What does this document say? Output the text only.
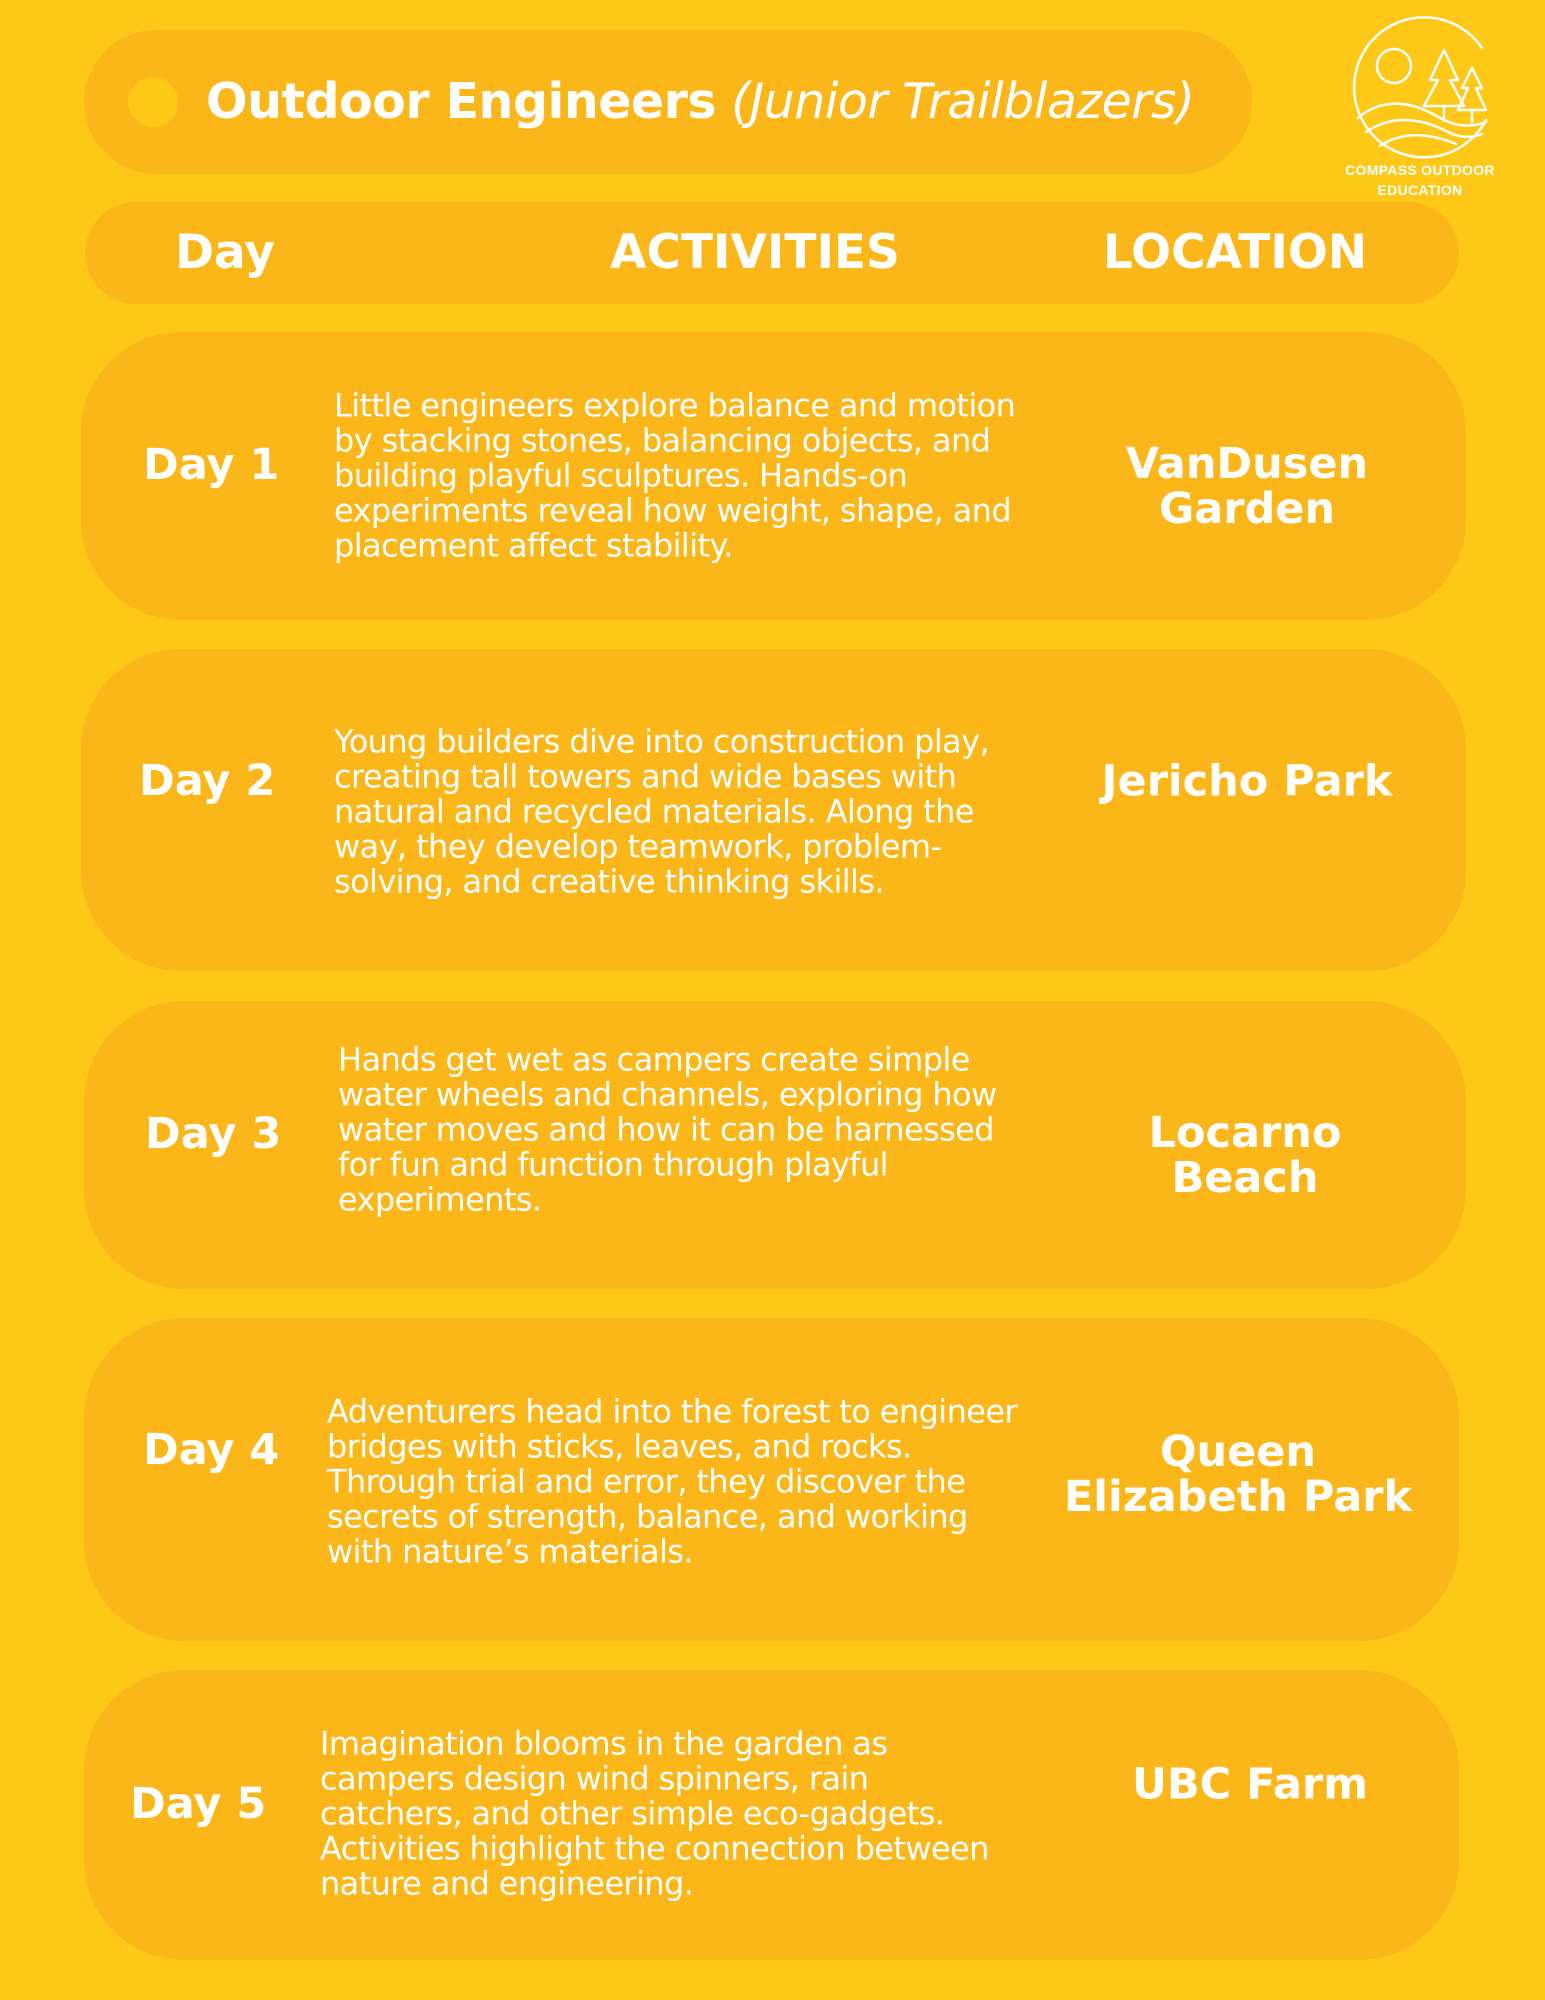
Outdoor Engineers (Junior Trailblazers)
COMPASS OUTDOOR
EDUCATION
Day	ACTIVITIES	LOCATION
Day 1
Little engineers explore balance and motion by stacking stones, balancing objects, and building playful sculptures. Hands-on experiments reveal how weight, shape, and placement affect stability.
VanDusen Garden
Day 2
Young builders dive into construction play, creating tall towers and wide bases with natural and recycled materials. Along the way, they develop teamwork, problem-solving, and creative thinking skills.
Jericho Park
Day 3
Hands get wet as campers create simple water wheels and channels, exploring how water moves and how it can be harnessed for fun and function through playful experiments.
Locarno Beach
Day 4
Adventurers head into the forest to engineer bridges with sticks, leaves, and rocks. Through trial and error, they discover the secrets of strength, balance, and working with nature’s materials.
Queen Elizabeth Park
Day 5
Imagination blooms in the garden as campers design wind spinners, rain catchers, and other simple eco-gadgets. Activities highlight the connection between nature and engineering.
UBC Farm
